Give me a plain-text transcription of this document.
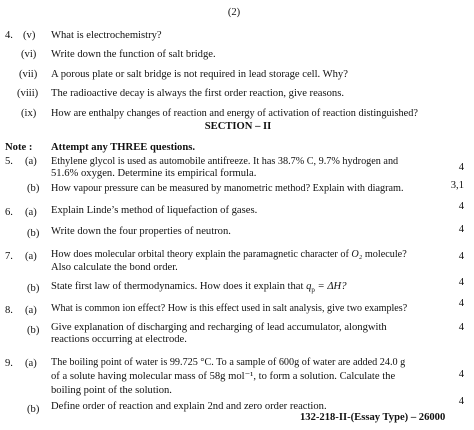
(2)
4. (v) What is electrochemistry?
(vi) Write down the function of salt bridge.
(vii) A porous plate or salt bridge is not required in lead storage cell. Why?
(viii) The radioactive decay is always the first order reaction, give reasons.
(ix) How are enthalpy changes of reaction and energy of activation of reaction distinguished?
SECTION – II
Note : Attempt any THREE questions.
5. (a) Ethylene glycol is used as automobile antifreeze. It has 38.7% C, 9.7% hydrogen and
51.6% oxygen. Determine its empirical formula.
4
(b) How vapour pressure can be measured by manometric method? Explain with diagram.	3,1
6. (a) Explain Linde’s method of liquefaction of gases.	4
(b) Write down the four properties of neutron.	4
7. (a) How does molecular orbital theory explain the paramagnetic character of O₂ molecule?
Also calculate the bond order.
4
(b) State first law of thermodynamics. How does it explain that $q_p = \Delta H$?	4
8. (a) What is common ion effect? How is this effect used in salt analysis, give two examples?	4
(b) Give explanation of discharging and recharging of lead accumulator, alongwith
reactions occurring at electrode.
4
9. (a) The boiling point of water is 99.725 °C. To a sample of 600g of water are added 24.0 g
of a solute having molecular mass of 58g mol⁻¹, to form a solution. Calculate the
boiling point of the solution.
4
(b) Define order of reaction and explain 2nd and zero order reaction.	4
132-218-II-(Essay Type) – 26000
